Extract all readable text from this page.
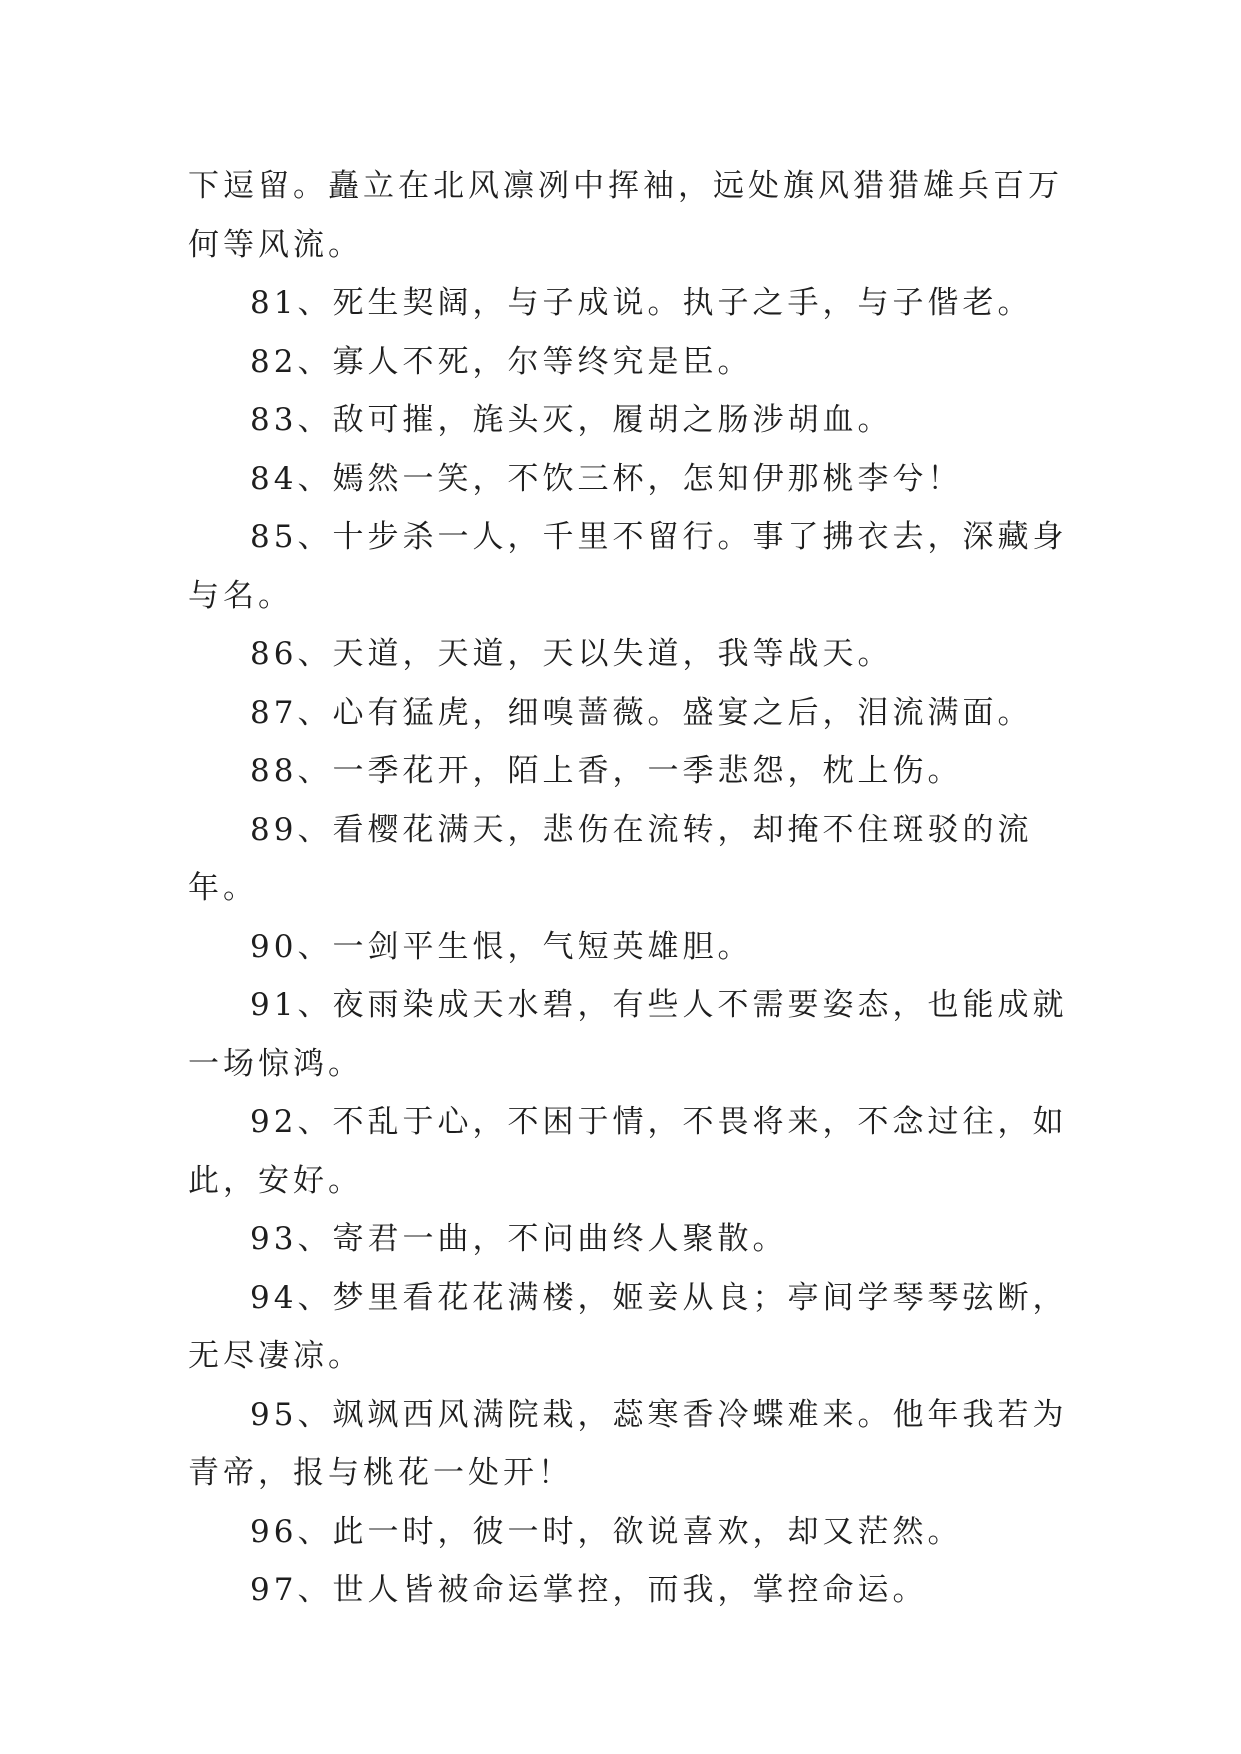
下逗留。矗立在北风凛冽中挥袖，远处旗风猎猎雄兵百万何等风流。

81、死生契阔，与子成说。执子之手，与子偕老。

82、寡人不死，尔等终究是臣。

83、敌可摧，旄头灭，履胡之肠涉胡血。

84、嫣然一笑，不饮三杯，怎知伊那桃李兮！

85、十步杀一人，千里不留行。事了拂衣去，深藏身与名。

86、天道，天道，天以失道，我等战天。

87、心有猛虎，细嗅蔷薇。盛宴之后，泪流满面。

88、一季花开，陌上香，一季悲怨，枕上伤。

89、看樱花满天，悲伤在流转，却掩不住斑驳的流年。

90、一剑平生恨，气短英雄胆。

91、夜雨染成天水碧，有些人不需要姿态，也能成就一场惊鸿。

92、不乱于心，不困于情，不畏将来，不念过往，如此，安好。

93、寄君一曲，不问曲终人聚散。

94、梦里看花花满楼，姬妾从良；亭间学琴琴弦断，无尽凄凉。

95、飒飒西风满院栽，蕊寒香冷蝶难来。他年我若为青帝，报与桃花一处开！

96、此一时，彼一时，欲说喜欢，却又茫然。

97、世人皆被命运掌控，而我，掌控命运。
